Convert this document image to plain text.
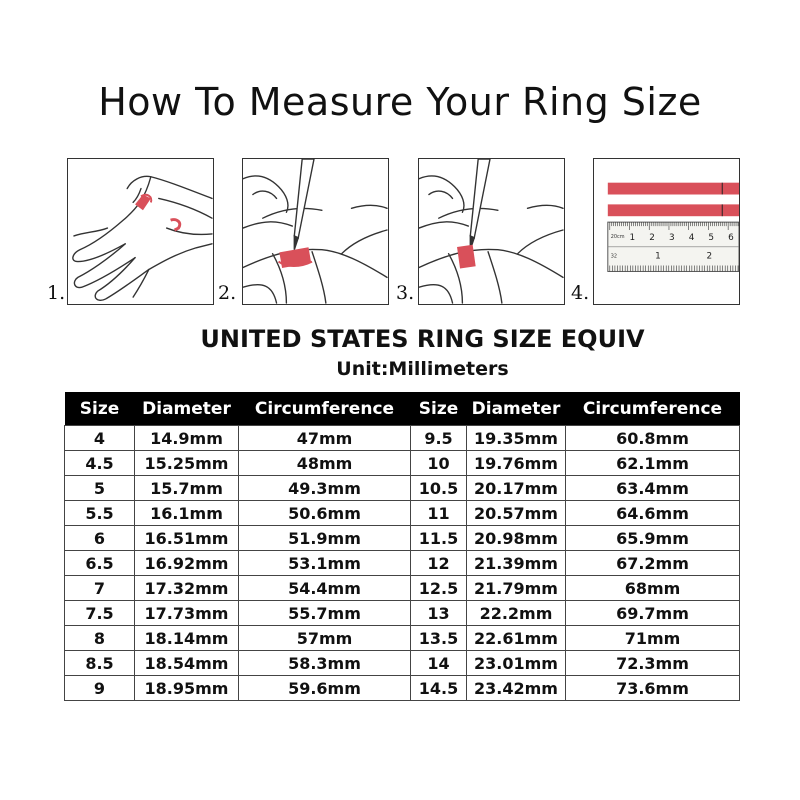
How To Measure Your Ring Size
1.	2.	3.
20cm
32
1 2 3 4 5 6
1	2
4.
UNITED STATES RING SIZE EQUIV
Unit:Millimeters
Size	Diameter	Circumference	Size	Diameter	Circumference
4	14.9mm	47mm	9.5	19.35mm	60.8mm
4.5	15.25mm	48mm	10	19.76mm	62.1mm
5	15.7mm	49.3mm	10.5	20.17mm	63.4mm
5.5	16.1mm	50.6mm	11	20.57mm	64.6mm
6	16.51mm	51.9mm	11.5	20.98mm	65.9mm
6.5	16.92mm	53.1mm	12	21.39mm	67.2mm
7	17.32mm	54.4mm	12.5	21.79mm	68mm
7.5	17.73mm	55.7mm	13	22.2mm	69.7mm
8	18.14mm	57mm	13.5	22.61mm	71mm
8.5	18.54mm	58.3mm	14	23.01mm	72.3mm
9	18.95mm	59.6mm	14.5	23.42mm	73.6mm
